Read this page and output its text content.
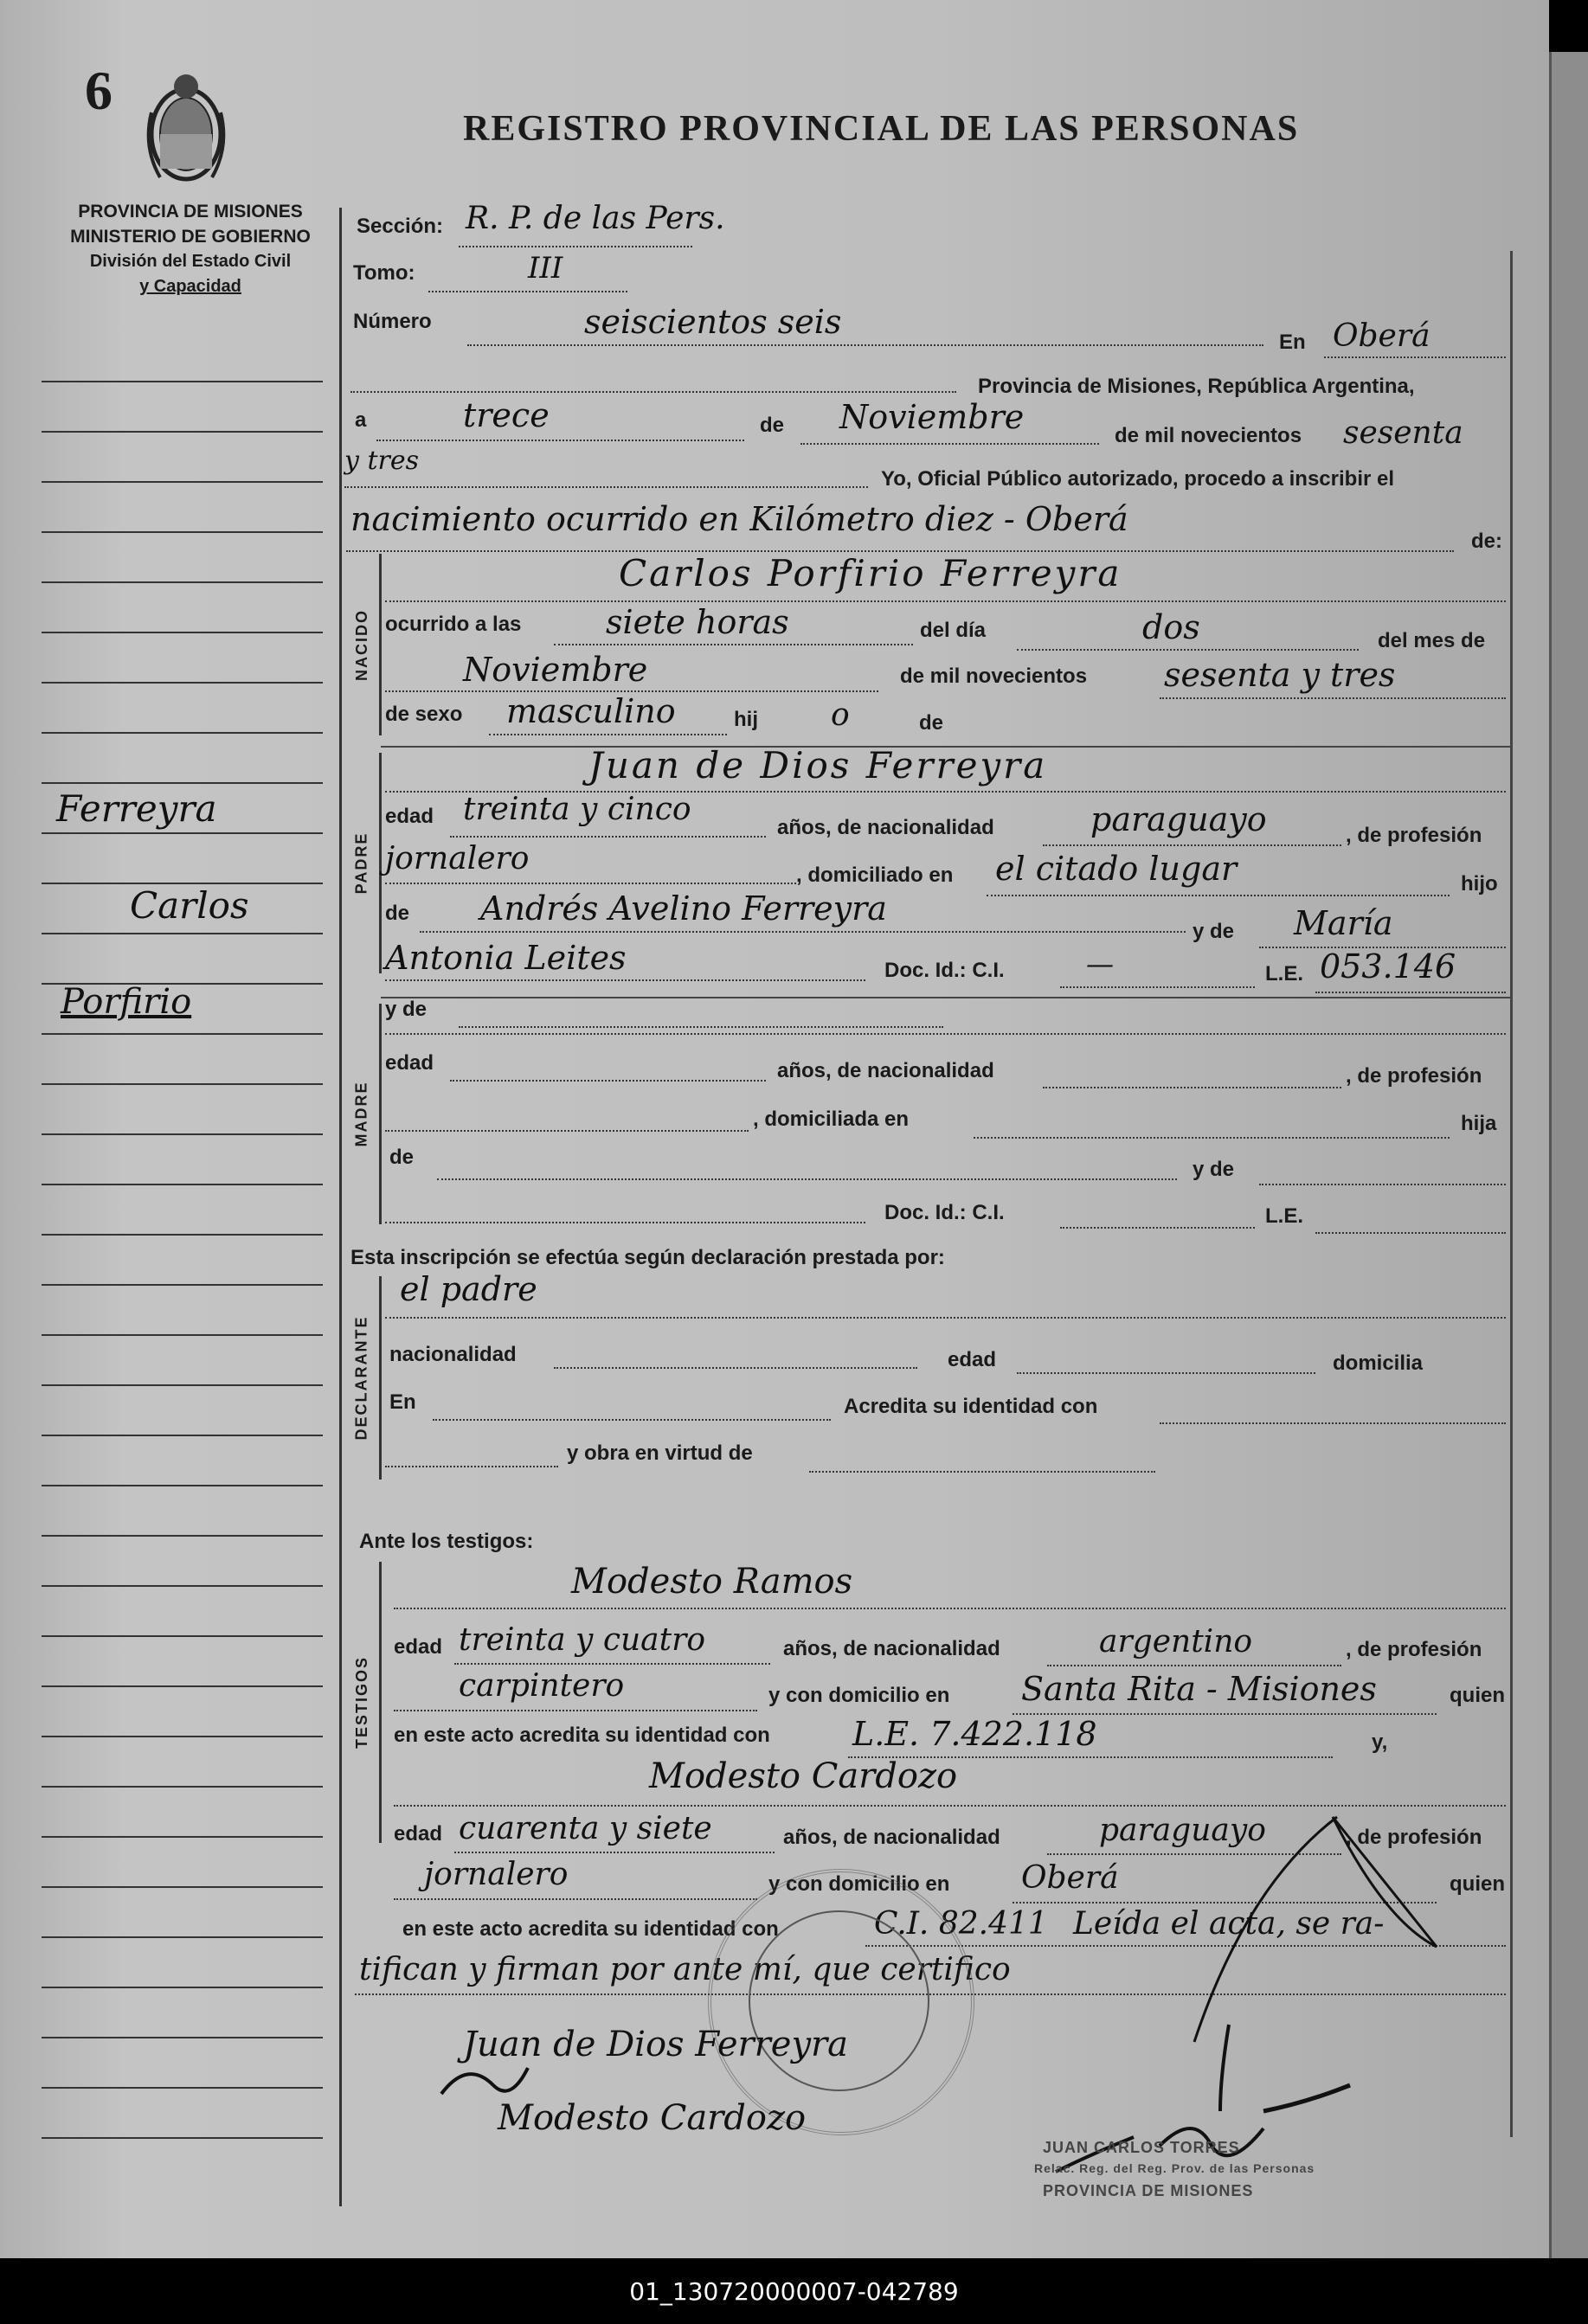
6
REGISTRO PROVINCIAL DE LAS PERSONAS
PROVINCIA DE MISIONES
MINISTERIO DE GOBIERNO
División del Estado Civil
y Capacidad
Ferreyra
Carlos
Porfirio
Sección: R. P. de las Pers.
Tomo:	III
Número	seiscientos seis
En Oberá
Provincia de Misiones, República Argentina,
a	trece	de Noviembre	de mil novecientos sesenta
y tres
Yo, Oficial Público autorizado, procedo a inscribir el
nacimiento ocurrido en Kilómetro diez - Oberá
de:
NACIDO
Carlos Porfirio Ferreyra
ocurrido a las	siete horas	del día	dos	del mes de
Noviembre	de mil novecientos sesenta y tres
de sexo masculino	hij o	de
PADRE
Juan de Dios Ferreyra
edad treinta y cinco
años, de nacionalidad	paraguayo	, de profesión
jornalero	, domiciliado en el citado lugar	hijo
de Andrés Avelino Ferreyra
y de María
Antonia Leites	Doc. Id.: C.I.	—	L.E. 053.146
MADRE
y de
edad	años, de nacionalidad	, de profesión
, domiciliada en	hija
de
y de
Doc. Id.: C.I.	L.E.
Esta inscripción se efectúa según declaración prestada por:
DECLARANTE
el padre
nacionalidad	edad	domicilia
En	Acredita su identidad con
y obra en virtud de
Ante los testigos:
TESTIGOS
Modesto Ramos
edad treinta y cuatro	años, de nacionalidad	argentino	, de profesión
carpintero	y con domicilio en Santa Rita - Misiones	quien
en este acto acredita su identidad con	L.E. 7.422.118	y,
Modesto Cardozo
edad cuarenta y siete	años, de nacionalidad	paraguayo	, de profesión
jornalero	y con domicilio en Oberá	quien
en este acto acredita su identidad con	C.I. 82.411 Leída el acta, se ra-
tifican y firman por ante mí, que certifico
Juan de Dios Ferreyra
Modesto Cardozo
JUAN CARLOS TORRES
Relac. Reg. del Reg. Prov. de las Personas
PROVINCIA DE MISIONES
01_130720000007-042789
